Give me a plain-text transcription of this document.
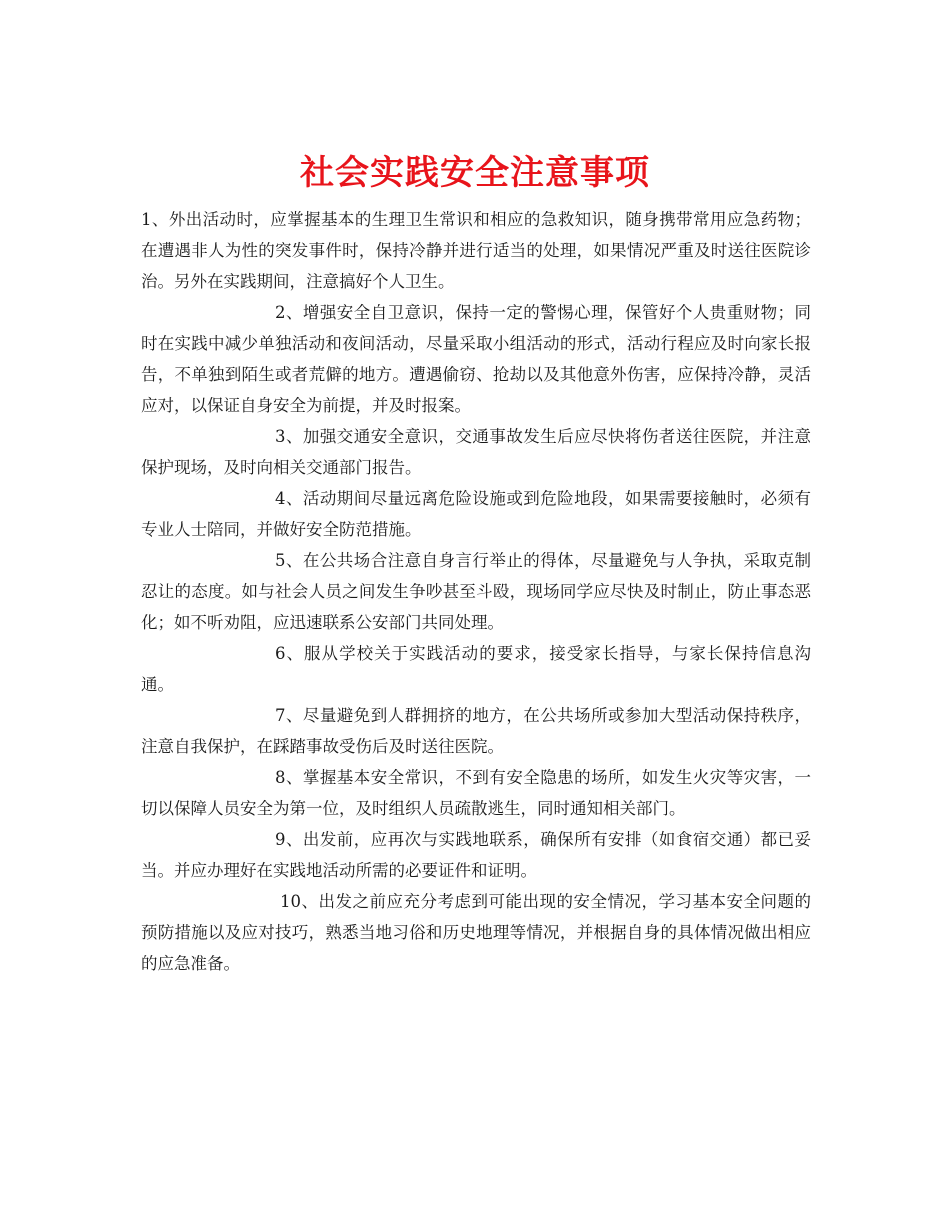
社会实践安全注意事项

1、外出活动时，应掌握基本的生理卫生常识和相应的急救知识，随身携带常用应急药物；在遭遇非人为性的突发事件时，保持冷静并进行适当的处理，如果情况严重及时送往医院诊治。另外在实践期间，注意搞好个人卫生。

2、增强安全自卫意识，保持一定的警惕心理，保管好个人贵重财物；同时在实践中减少单独活动和夜间活动，尽量采取小组活动的形式，活动行程应及时向家长报告，不单独到陌生或者荒僻的地方。遭遇偷窃、抢劫以及其他意外伤害，应保持冷静，灵活应对，以保证自身安全为前提，并及时报案。

3、加强交通安全意识，交通事故发生后应尽快将伤者送往医院，并注意保护现场，及时向相关交通部门报告。

4、活动期间尽量远离危险设施或到危险地段，如果需要接触时，必须有专业人士陪同，并做好安全防范措施。

5、在公共场合注意自身言行举止的得体，尽量避免与人争执，采取克制忍让的态度。如与社会人员之间发生争吵甚至斗殴，现场同学应尽快及时制止，防止事态恶化；如不听劝阻，应迅速联系公安部门共同处理。

6、服从学校关于实践活动的要求，接受家长指导，与家长保持信息沟通。

7、尽量避免到人群拥挤的地方，在公共场所或参加大型活动保持秩序，注意自我保护，在踩踏事故受伤后及时送往医院。

8、掌握基本安全常识，不到有安全隐患的场所，如发生火灾等灾害，一切以保障人员安全为第一位，及时组织人员疏散逃生，同时通知相关部门。

9、出发前，应再次与实践地联系，确保所有安排（如食宿交通）都已妥当。并应办理好在实践地活动所需的必要证件和证明。

10、出发之前应充分考虑到可能出现的安全情况，学习基本安全问题的预防措施以及应对技巧，熟悉当地习俗和历史地理等情况，并根据自身的具体情况做出相应的应急准备。
